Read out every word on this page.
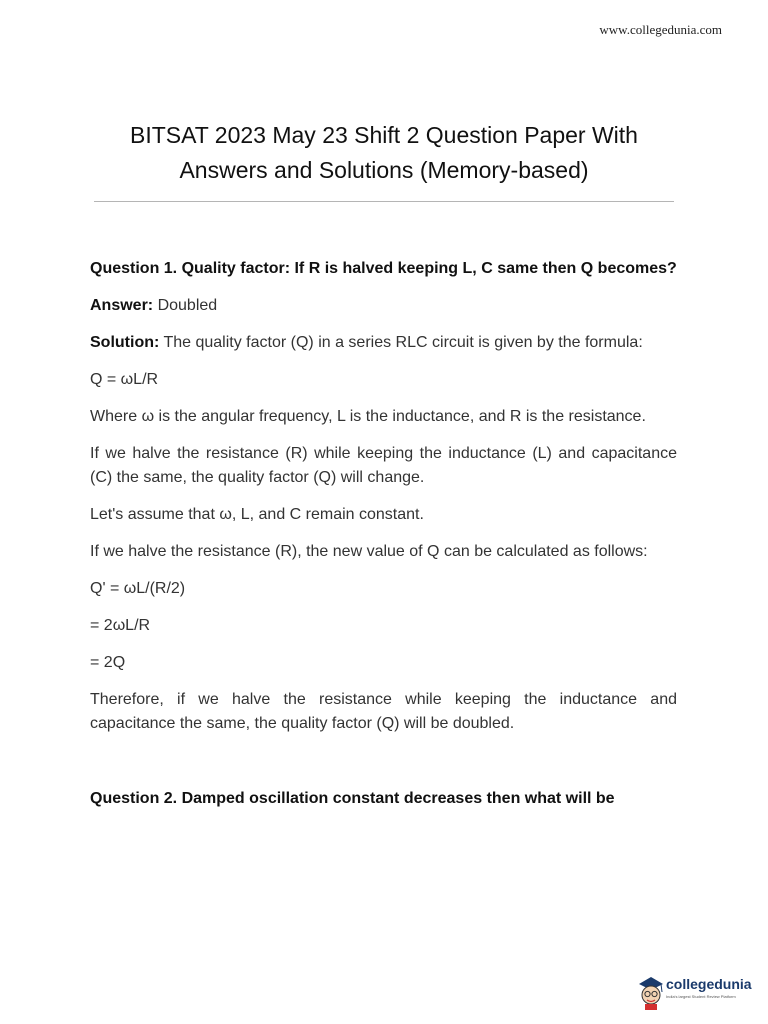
www.collegedunia.com
BITSAT 2023 May 23 Shift 2 Question Paper With
Answers and Solutions (Memory-based)

Question 1. Quality factor: If R is halved keeping L, C same then Q becomes?

Answer: Doubled

Solution: The quality factor (Q) in a series RLC circuit is given by the formula:

Q = ωL/R

Where ω is the angular frequency, L is the inductance, and R is the resistance.

If we halve the resistance (R) while keeping the inductance (L) and capacitance (C) the same, the quality factor (Q) will change.

Let's assume that ω, L, and C remain constant.

If we halve the resistance (R), the new value of Q can be calculated as follows:

Q' = ωL/(R/2)

= 2ωL/R

= 2Q

Therefore, if we halve the resistance while keeping the inductance and capacitance the same, the quality factor (Q) will be doubled.

Question 2. Damped oscillation constant decreases then what will be

collegedunia
India's largest Student Review Platform
